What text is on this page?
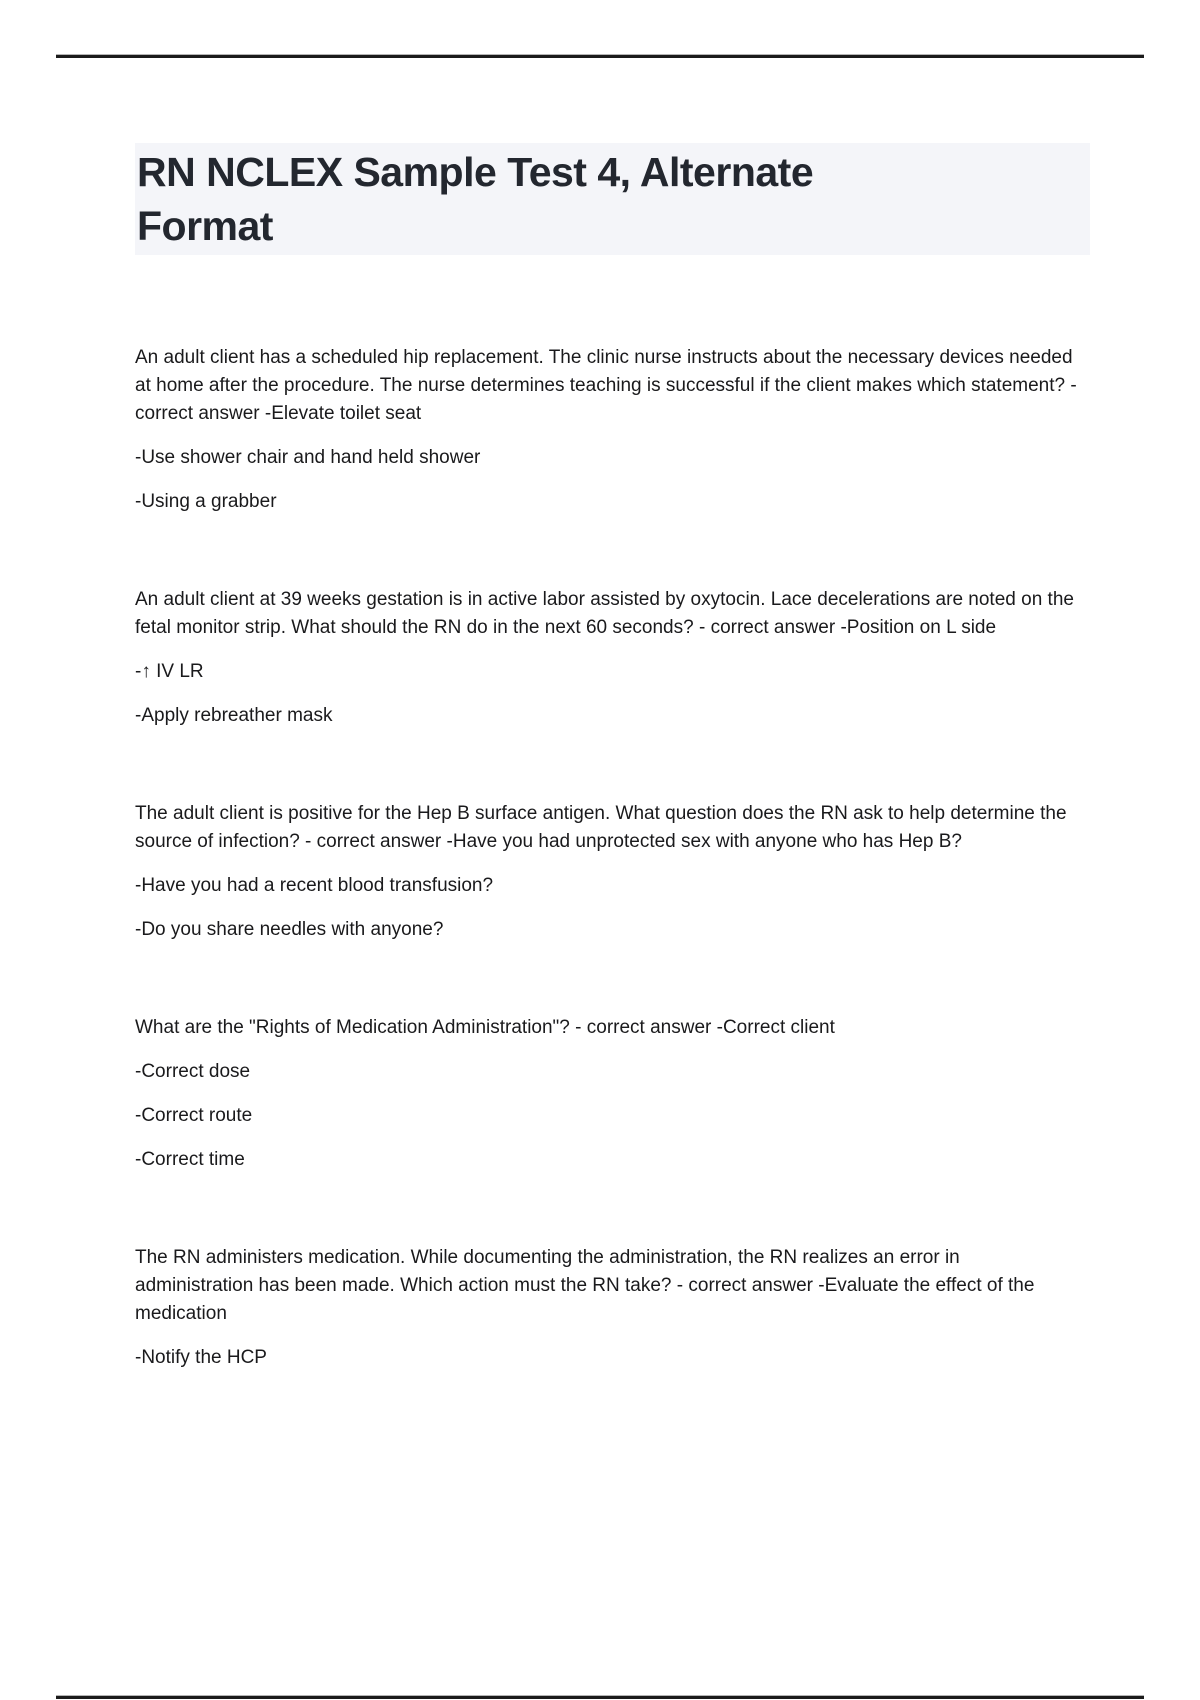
RN NCLEX Sample Test 4, Alternate
Format

An adult client has a scheduled hip replacement. The clinic nurse instructs about the necessary devices needed at home after the procedure. The nurse determines teaching is successful if the client makes which statement? - correct answer -Elevate toilet seat

-Use shower chair and hand held shower

-Using a grabber

An adult client at 39 weeks gestation is in active labor assisted by oxytocin. Lace decelerations are noted on the fetal monitor strip. What should the RN do in the next 60 seconds? - correct answer -Position on L side

-↑ IV LR

-Apply rebreather mask

The adult client is positive for the Hep B surface antigen. What question does the RN ask to help determine the source of infection? - correct answer -Have you had unprotected sex with anyone who has Hep B?

-Have you had a recent blood transfusion?

-Do you share needles with anyone?

What are the "Rights of Medication Administration"? - correct answer -Correct client

-Correct dose

-Correct route

-Correct time

The RN administers medication. While documenting the administration, the RN realizes an error in administration has been made. Which action must the RN take? - correct answer -Evaluate the effect of the medication

-Notify the HCP
